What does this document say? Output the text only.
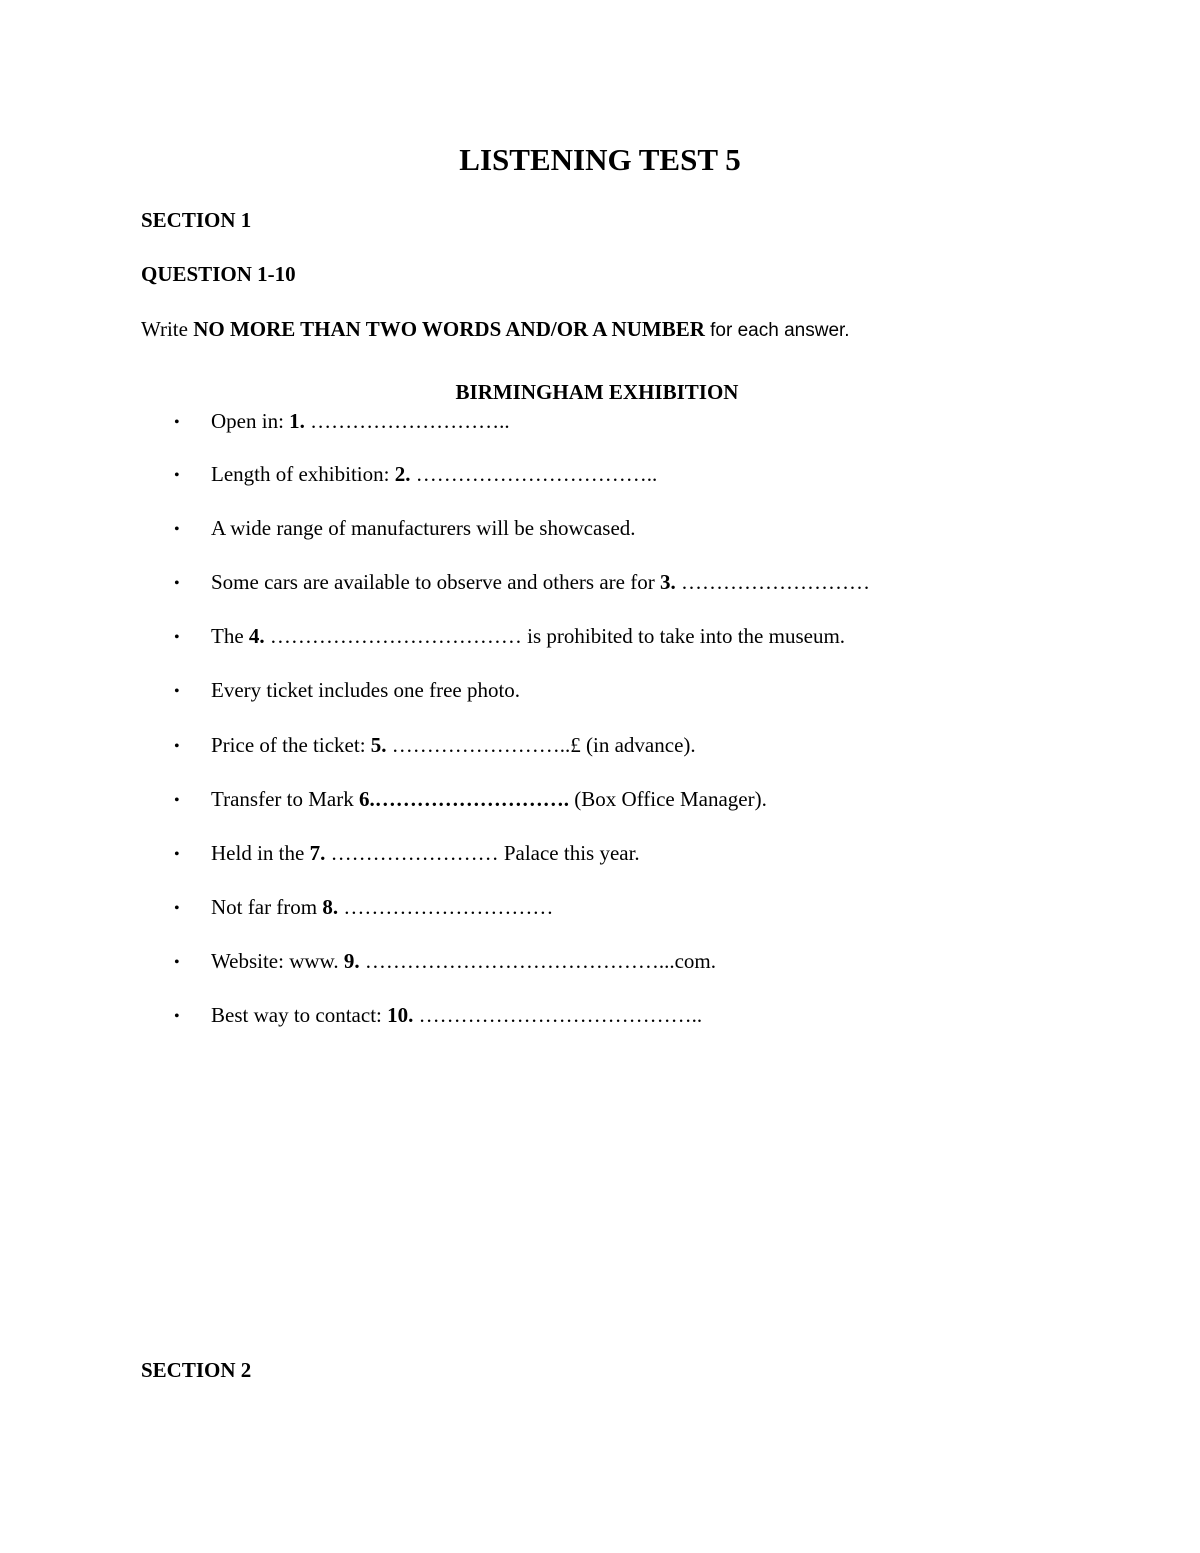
LISTENING TEST 5

SECTION 1

QUESTION 1-10

Write NO MORE THAN TWO WORDS AND/OR A NUMBER for each answer.

BIRMINGHAM EXHIBITION

• Open in: 1. ………………………..
• Length of exhibition: 2. ……………………………..
• A wide range of manufacturers will be showcased.
• Some cars are available to observe and others are for 3. ………………………
• The 4. ……………………………… is prohibited to take into the museum.
• Every ticket includes one free photo.
• Price of the ticket: 5. ……………………..£ (in advance).
• Transfer to Mark 6.………………………. (Box Office Manager).
• Held in the 7. …………………… Palace this year.
• Not far from 8. …………………………
• Website: www. 9. ……………………………………...com.
• Best way to contact: 10. …………………………………..

SECTION 2
